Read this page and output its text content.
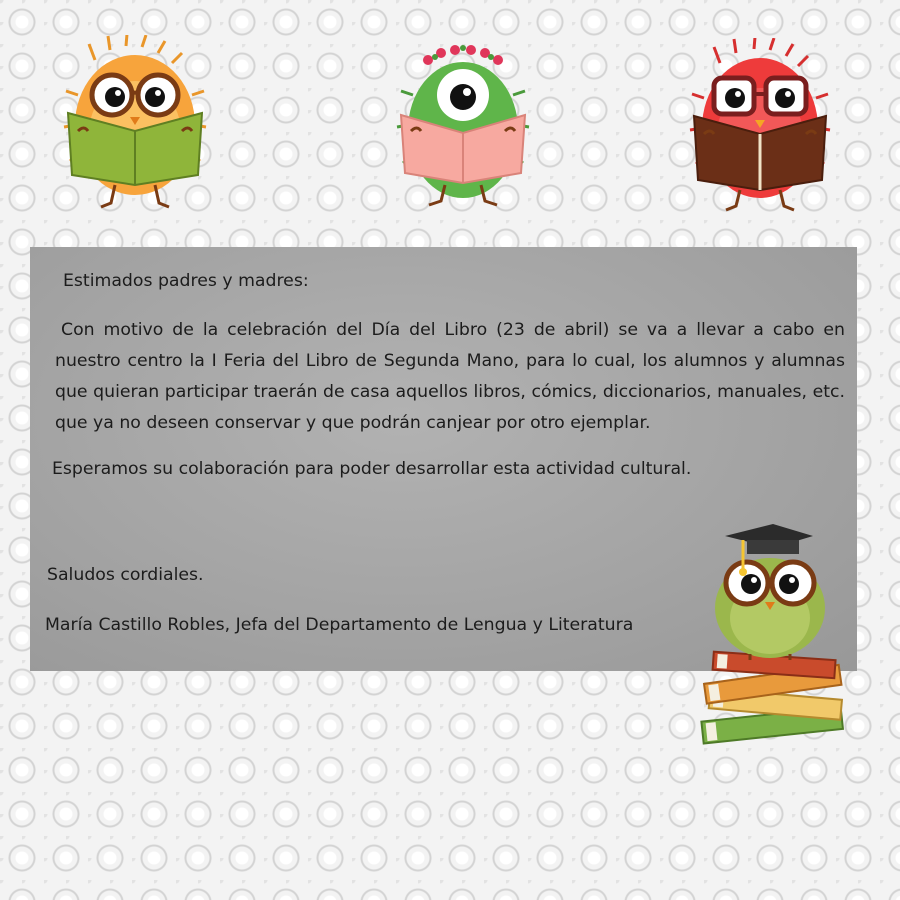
Estimados padres y madres:

Con motivo de la celebración del Día del Libro (23 de abril) se va a llevar a cabo en nuestro centro la I Feria del Libro de Segunda Mano, para lo cual, los alumnos y alumnas que quieran participar traerán de casa aquellos libros, cómics, diccionarios, manuales, etc. que ya no deseen conservar y que podrán canjear por otro ejemplar.

Esperamos su colaboración para poder desarrollar esta actividad cultural.

Saludos cordiales.

María Castillo Robles, Jefa del Departamento de Lengua y Literatura
